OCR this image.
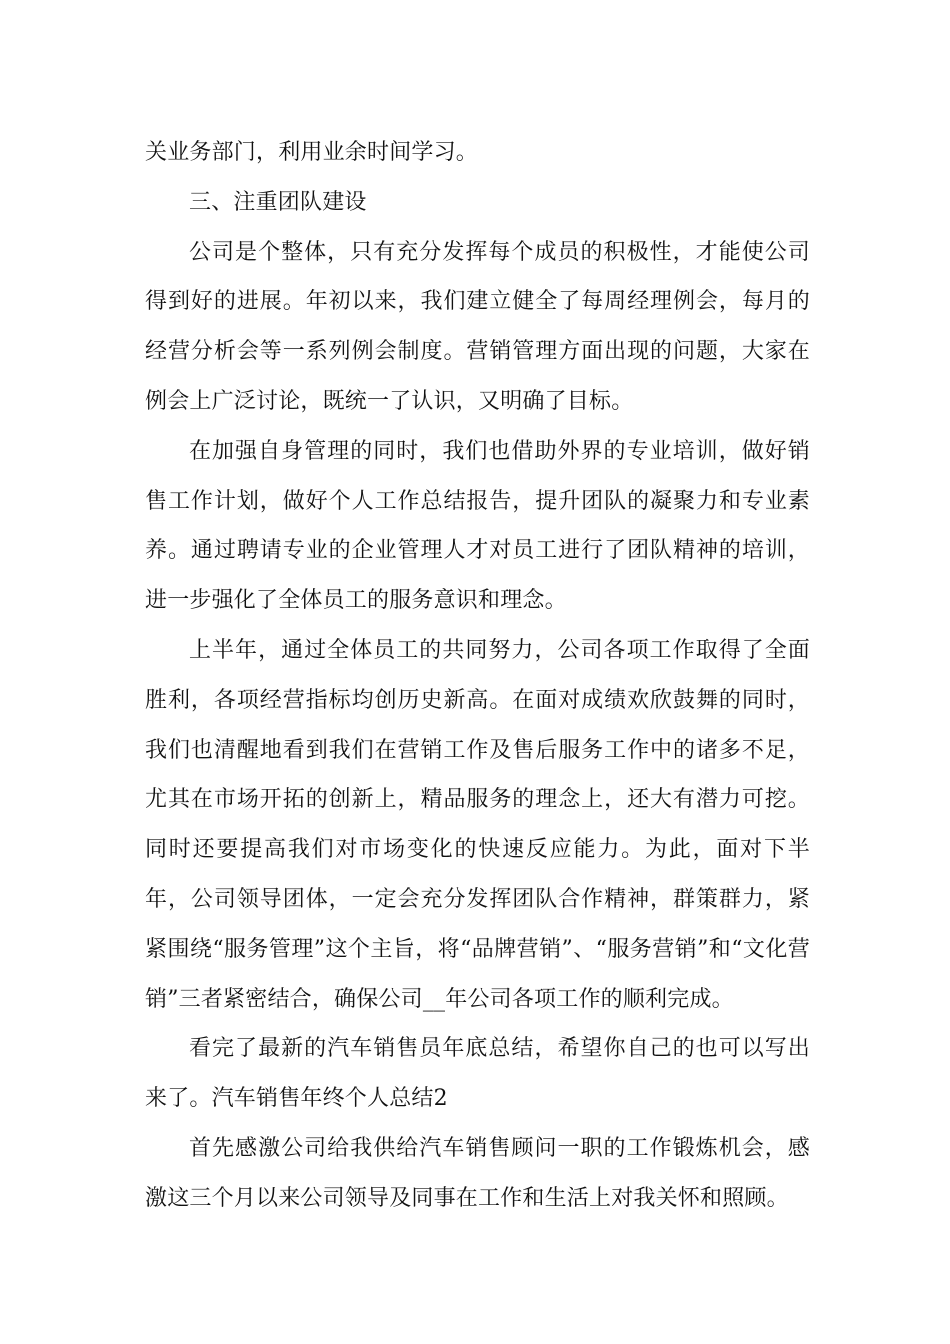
关业务部门，利用业余时间学习。

三、注重团队建设

公司是个整体，只有充分发挥每个成员的积极性，才能使公司得到好的进展。年初以来，我们建立健全了每周经理例会，每月的经营分析会等一系列例会制度。营销管理方面出现的问题，大家在例会上广泛讨论，既统一了认识，又明确了目标。

在加强自身管理的同时，我们也借助外界的专业培训，做好销售工作计划，做好个人工作总结报告，提升团队的凝聚力和专业素养。通过聘请专业的企业管理人才对员工进行了团队精神的培训，进一步强化了全体员工的服务意识和理念。

上半年，通过全体员工的共同努力，公司各项工作取得了全面胜利，各项经营指标均创历史新高。在面对成绩欢欣鼓舞的同时，我们也清醒地看到我们在营销工作及售后服务工作中的诸多不足，尤其在市场开拓的创新上，精品服务的理念上，还大有潜力可挖。同时还要提高我们对市场变化的快速反应能力。为此，面对下半年，公司领导团体，一定会充分发挥团队合作精神，群策群力，紧紧围绕“服务管理”这个主旨，将“品牌营销”、“服务营销”和“文化营销”三者紧密结合，确保公司__年公司各项工作的顺利完成。

看完了最新的汽车销售员年底总结，希望你自己的也可以写出来了。汽车销售年终个人总结2

首先感激公司给我供给汽车销售顾问一职的工作锻炼机会，感激这三个月以来公司领导及同事在工作和生活上对我关怀和照顾。
